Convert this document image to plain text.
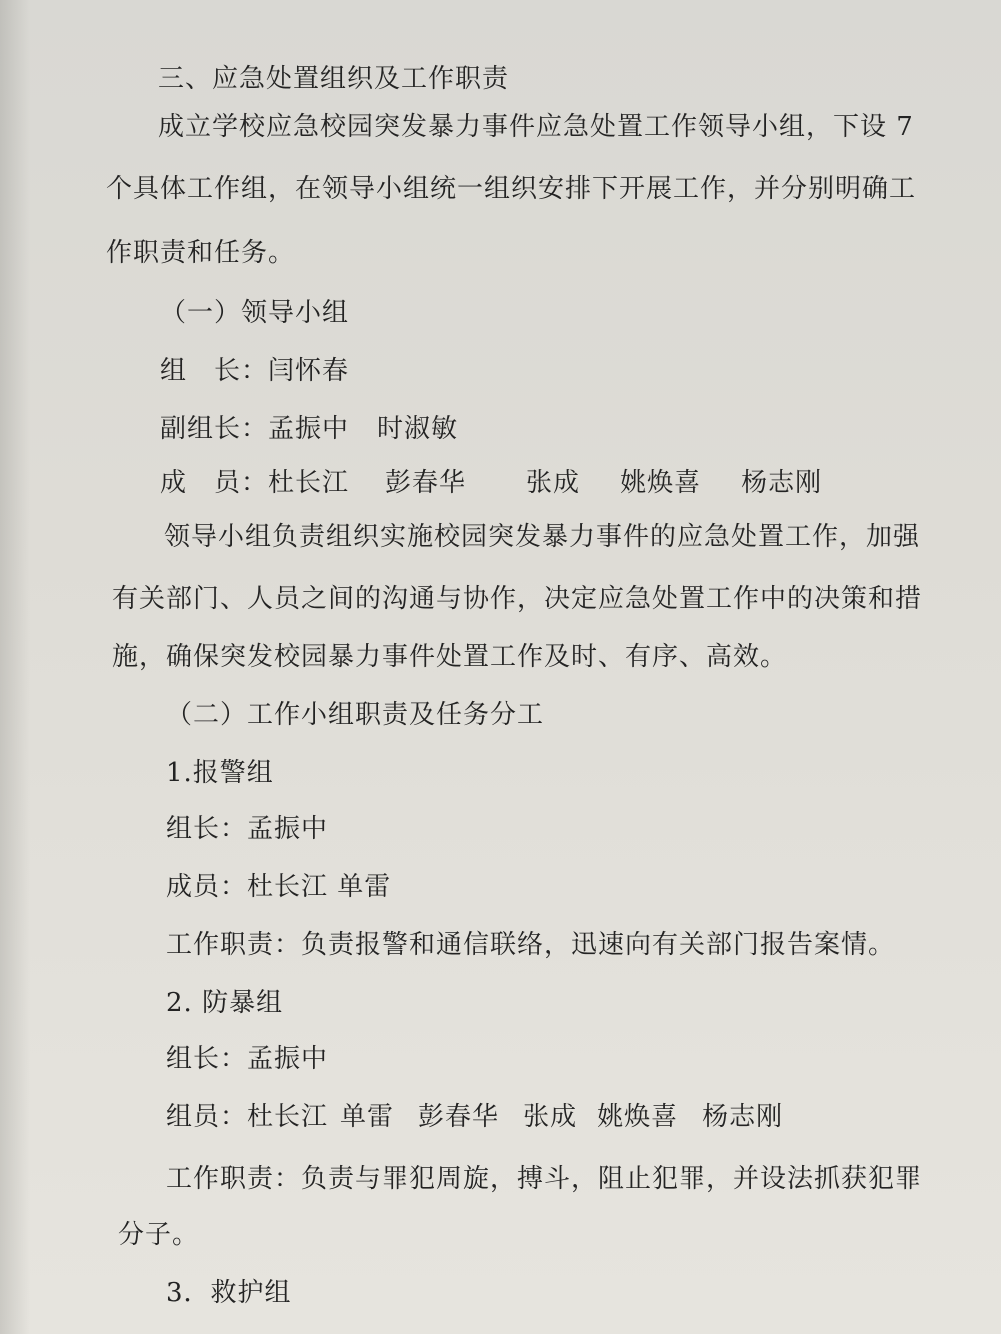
三、应急处置组织及工作职责
成立学校应急校园突发暴力事件应急处置工作领导小组，下设 7
个具体工作组，在领导小组统一组织安排下开展工作，并分别明确工
作职责和任务。
（一）领导小组
组　长：闫怀春
副组长：孟振中 时淑敏
成　员：杜长江 彭春华 张成 姚焕喜 杨志刚
领导小组负责组织实施校园突发暴力事件的应急处置工作，加强
有关部门、人员之间的沟通与协作，决定应急处置工作中的决策和措
施，确保突发校园暴力事件处置工作及时、有序、高效。
（二）工作小组职责及任务分工
1.报警组
组长：孟振中
成员：杜长江 单雷
工作职责：负责报警和通信联络，迅速向有关部门报告案情。
2. 防暴组
组长：孟振中
组员：杜长江 单雷 彭春华 张成 姚焕喜 杨志刚
工作职责：负责与罪犯周旋，搏斗，阻止犯罪，并设法抓获犯罪
分子。
3．救护组
